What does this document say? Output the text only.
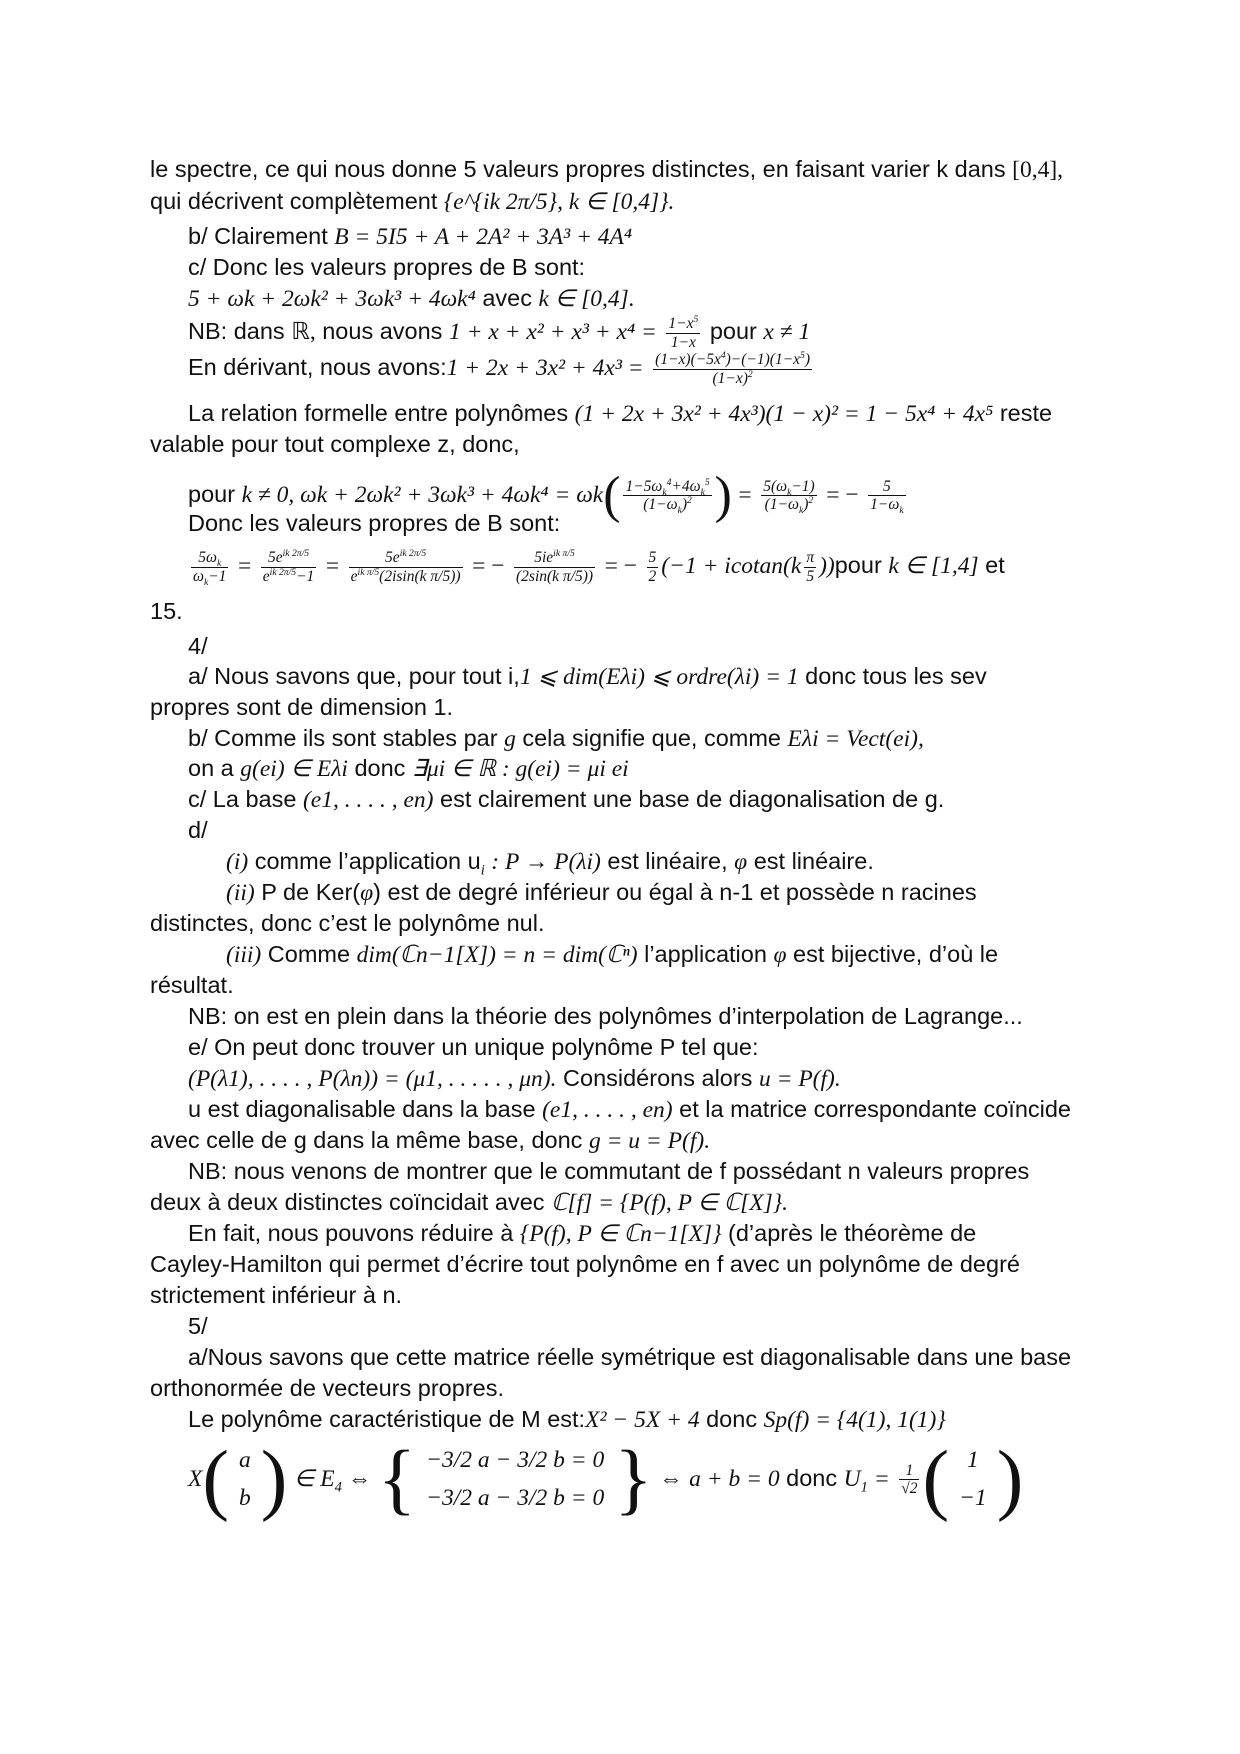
le spectre, ce qui nous donne 5 valeurs propres distinctes, en faisant varier k dans [0,4],
qui décrivent complètement {e^{ik 2π/5}, k ∈ [0,4]}.
b/ Clairement B = 5I5 + A + 2A² + 3A³ + 4A⁴
c/ Donc les valeurs propres de B sont:
5 + ωk + 2ωk² + 3ωk³ + 4ωk⁴ avec k ∈ [0,4].
NB: dans ℝ, nous avons $1 + x + x^2 + x^3 + x^4 = \frac{1-x^5}{1-x}$ pour x ≠ 1
En dérivant, nous avons:1 + $2x + 3x^2 + 4x^3 = \frac{(1-x)(-5x^4)-(-1)(1-x^5)}{(1-x)^2}$
La relation formelle entre polynômes (1 + 2x + 3x² + 4x³)(1 − x)² = 1 − 5x⁴ + 4x⁵ reste
valable pour tout complexe z, donc,
pour k ≠ 0, $\omega k + 2\omega k^2 + 3\omega k^3 + 4\omega k^4 = \omega k( \frac{1-5\omega_k^4+4\omega_k^5}{(1-\omega_k)^2}$ ) = $\frac{5(\omega_k-1)}{(1-\omega_k)^2}$ = − $\frac{5}{1-\omega_k}$
Donc les valeurs propres de B sont:
$\frac{5\omega_k}{\omega_k-1} = \frac{5e^{ik 2\pi/5}}{e^{ik 2\pi/5}-1} = \frac{5e^{ik 2\pi/5}}{e^{ik \pi/5}(2isin(k \pi/5))}$ = − $\frac{5ie^{ik \pi/5}}{\text{(2sin(k π/5))}}$ = − $\frac{5}{2} (-1 + icotan(k \frac{\pi}{5}$ ))pour k ∈ [1,4] et
15.
4/
a/ Nous savons que, pour tout i,1 ⩽ dim(Eλi) ⩽ ordre(λi) = 1 donc tous les sev
propres sont de dimension 1.
b/ Comme ils sont stables par g cela signifie que, comme Eλi = Vect(ei),
on a g(ei) ∈ Eλi donc ∃μi ∈ ℝ : g(ei) = μi ei
c/ La base (e1, . . . . , en) est clairement une base de diagonalisation de g.
d/
(i) comme l’application $u_i$ : P → P(λi) est linéaire, φ est linéaire.
(ii) P de Ker(φ) est de degré inférieur ou égal à n-1 et possède n racines
distinctes, donc c’est le polynôme nul.
(iii) Comme dim(ℂn−1[X]) = n = dim(ℂⁿ) l’application φ est bijective, d’où le
résultat.
NB: on est en plein dans la théorie des polynômes d’interpolation de Lagrange...
e/ On peut donc trouver un unique polynôme P tel que:
(P(λ1), . . . . , P(λn)) = (μ1, . . . . . , μn). Considérons alors u = P(f).
u est diagonalisable dans la base (e1, . . . . , en) et la matrice correspondante coïncide
avec celle de g dans la même base, donc g = u = P(f).
NB: nous venons de montrer que le commutant de f possédant n valeurs propres
deux à deux distinctes coïncidait avec ℂ[f] = {P(f), P ∈ ℂ[X]}.
En fait, nous pouvons réduire à {P(f), P ∈ ℂn−1[X]} (d’après le théorème de
Cayley-Hamilton qui permet d’écrire tout polynôme en f avec un polynôme de degré
strictement inférieur à n.
5/
a/Nous savons que cette matrice réelle symétrique est diagonalisable dans une base
orthonormée de vecteurs propres.
Le polynôme caractéristique de M est:X² − 5X + 4 donc Sp(f) = {4(1), 1(1)}
X( a
b ) ∈ $E_4$ ⇔ { −3/2 a − 3/2 b = 0
−3/2 a − 3/2 b = 0 } ⇔ a + b = 0 donc $U_1 = \frac{1}{√2}$ ( 1
−1 )
